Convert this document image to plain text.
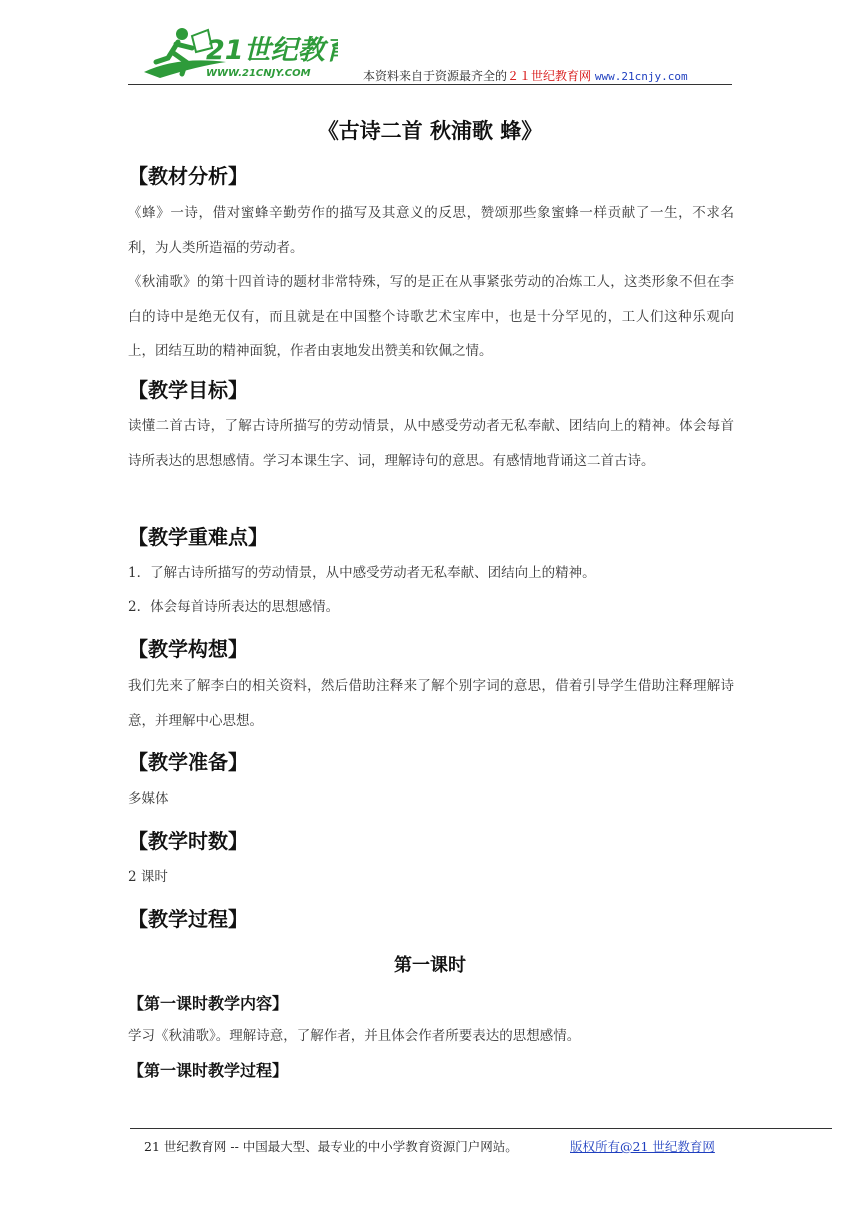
21世纪教育
WWW.21CNJY.COM	本资料来自于资源最齐全的２１世纪教育网 www.21cnjy.com
《古诗二首 秋浦歌 蜂》
【教材分析】
《蜂》一诗，借对蜜蜂辛勤劳作的描写及其意义的反思，赞颂那些象蜜蜂一样贡献了一生，不求名利，为人类所造福的劳动者。
《秋浦歌》的第十四首诗的题材非常特殊，写的是正在从事紧张劳动的冶炼工人，这类形象不但在李白的诗中是绝无仅有，而且就是在中国整个诗歌艺术宝库中，也是十分罕见的，工人们这种乐观向上，团结互助的精神面貌，作者由衷地发出赞美和钦佩之情。
【教学目标】
读懂二首古诗，了解古诗所描写的劳动情景，从中感受劳动者无私奉献、团结向上的精神。体会每首诗所表达的思想感情。学习本课生字、词，理解诗句的意思。有感情地背诵这二首古诗。
【教学重难点】
1．了解古诗所描写的劳动情景，从中感受劳动者无私奉献、团结向上的精神。
2．体会每首诗所表达的思想感情。
【教学构想】
我们先来了解李白的相关资料，然后借助注释来了解个别字词的意思，借着引导学生借助注释理解诗意，并理解中心思想。
【教学准备】
多媒体
【教学时数】
2 课时
【教学过程】
第一课时
【第一课时教学内容】
学习《秋浦歌》。理解诗意，了解作者，并且体会作者所要表达的思想感情。
【第一课时教学过程】
21 世纪教育网 -- 中国最大型、最专业的中小学教育资源门户网站。	版权所有@21 世纪教育网
